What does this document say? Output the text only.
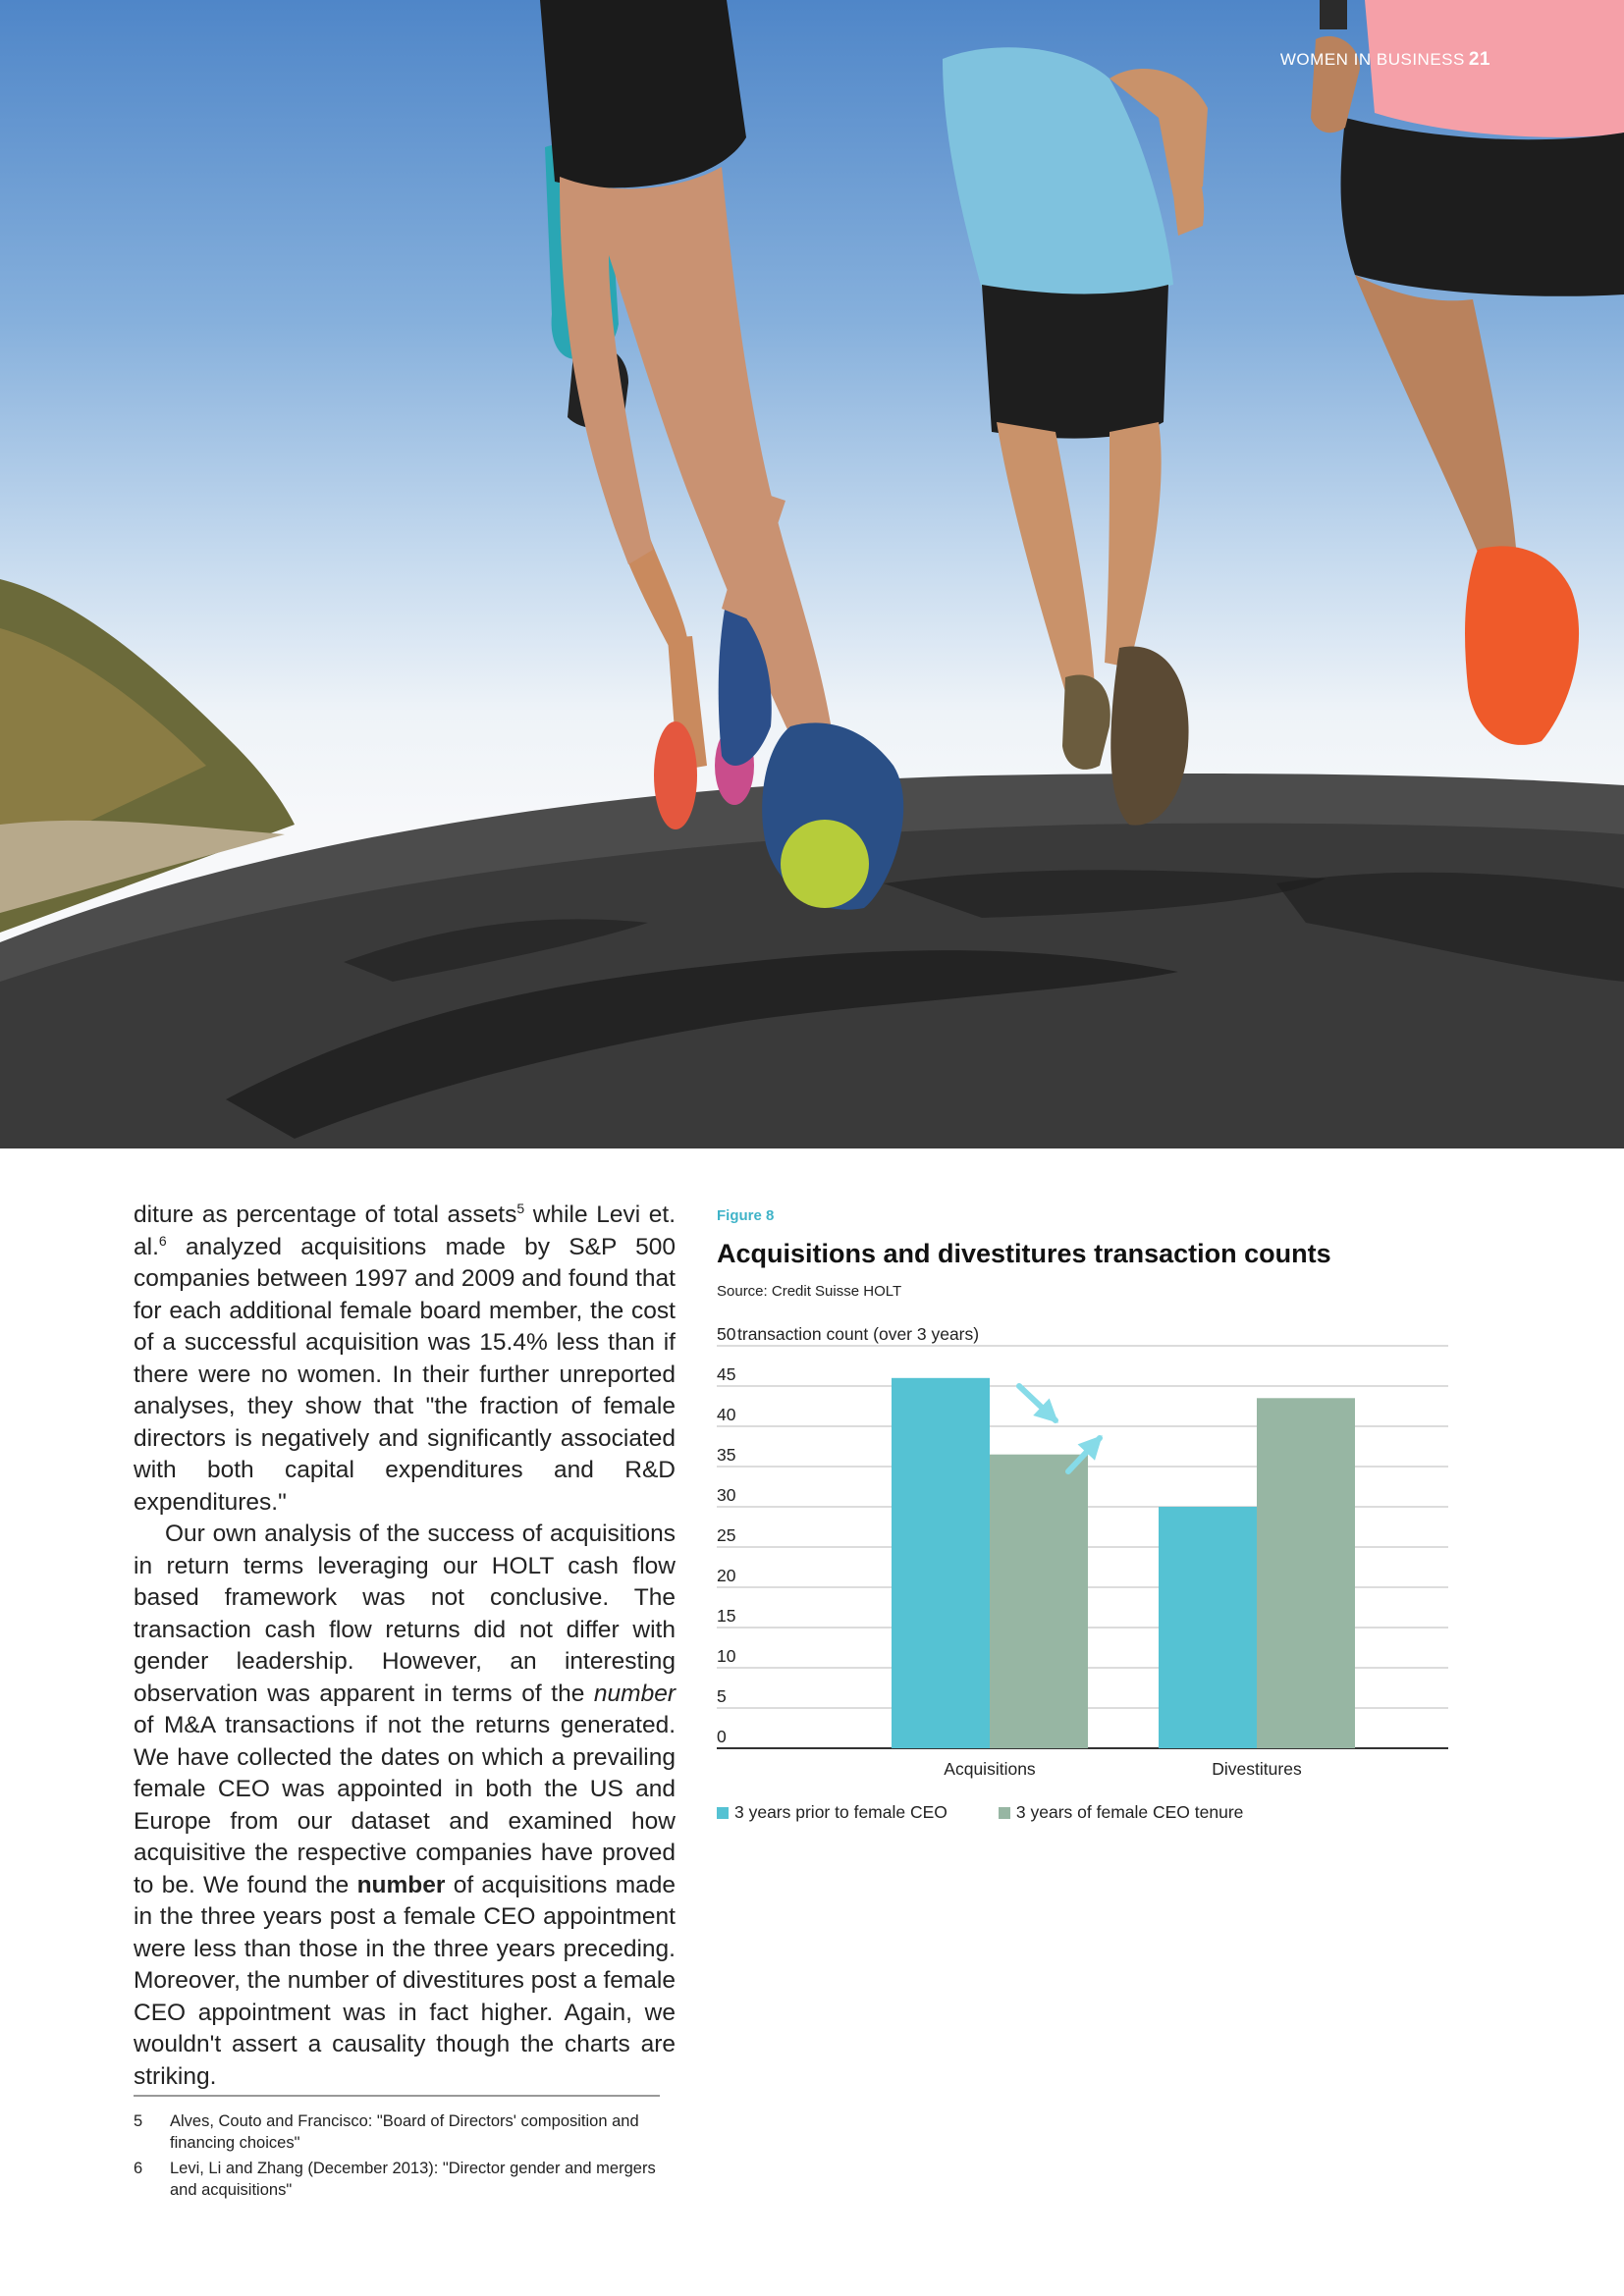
WOMEN IN BUSINESS 21

diture as percentage of total assets$^5$ while Levi et. al.$^6$ analyzed acquisitions made by S&P 500 companies between 1997 and 2009 and found that for each additional female board member, the cost of a successful acquisition was 15.4% less than if there were no women. In their further unreported analyses, they show that "the fraction of female directors is negatively and significantly associated with both capital expenditures and R&D expenditures."

Our own analysis of the success of acquisitions in return terms leveraging our HOLT cash flow based framework was not conclusive. The transaction cash flow returns did not differ with gender leadership. However, an interesting observation was apparent in terms of the number of M&A transactions if not the returns generated. We have collected the dates on which a prevailing female CEO was appointed in both the US and Europe from our dataset and examined how acquisitive the respective companies have proved to be. We found the number of acquisitions made in the three years post a female CEO appointment were less than those in the three years preceding. Moreover, the number of divestitures post a female CEO appointment was in fact higher. Again, we wouldn't assert a causality though the charts are striking.

5	Alves, Couto and Francisco: "Board of Directors' composition and financing choices"
6	Levi, Li and Zhang (December 2013): "Director gender and mergers and acquisitions"
Figure 8
Acquisitions and divestitures transaction counts
Source: Credit Suisse HOLT
0
5
10
15
20
25
30
35
40
45
50 transaction count (over 3 years)
Acquisitions	Divestitures
3 years prior to female CEO	3 years of female CEO tenure
